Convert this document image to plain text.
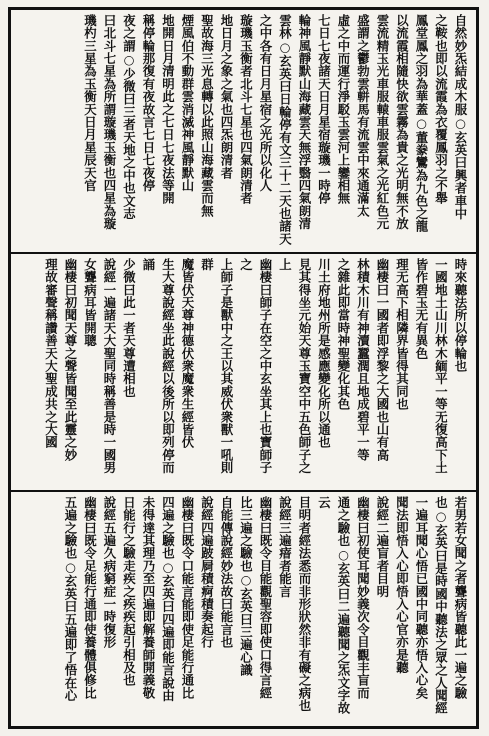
自然妙炁結成木服○玄英曰興者車中

之鞍也即以流霞為衣覆鳳羽之不舉

鳳堂鳳之羽為華蓋○董豢鸞為九色之龍

以流霞相隨快欲雲霧為貴之光明無不放

雲流精玉光車服轅車服雲氣之光紅色元

盛謂之鬱勃雲軿馬有流雲中來通滿太

虛之中而運行淨駁玉雲河上鑾相無

七日七夜諸天日月星宿璇璣一時停

輪神風靜默山海藏雲天無浮翳四氣朗清

雲林○玄英曰日輪停有文三十二天也諸天

之中各有日月星宿之光所以化人

璇璣玉衡者北斗七星也四氣朗清者

地日月之象之氣也四炁朗清者

聖故海三光息轉以此照山海藏雲而無

煙風伯不動群雲消滅神風靜默山

地開日月清明此之七日七夜法等開

稱停輪那復有夜故言七日七夜停

夜之謂○少微曰三者天地之中也文志

曰北斗七星為所謂璇璣玉衡也四星為璇

璣杓三星為玉衡天日月星辰天官

時來聽法所以停輪也

一國地土山川林木緬平一等无復高下土

皆作碧玉无有異色

理无高下相隣界皆得其同也

幽棲曰一國者即浮黎之大國也山有高

林積木川有神瀆蠶潤且地成碧平一等

之雜此即當時神聖變化其色

川土府地州所是感應變化所以通也

見其得坐元始天尊玉寶空中五色師子之

上

幽棲曰師子在空之中玄坐其上也寶師子之

上師子是獸中之王以其威伏衆獸一吼則群

魔皆伏天尊神德伏衆魔衆生經皆伏

生大尊說經坐此說經以後所以即列停而誦

少微曰此一者天尊遭相也

說經一遍諸天大聖同時稱善是時一國男

女聾病耳皆開聰

幽棲曰初聞天尊之聲皆聞至此靈之妙

理故審聲稱讚善天大聖成共之大國

若男若女聞之者聾病皆聽此一遍之驗

也○玄英曰是時國中聽法之眾之人聞經

一遍耳聞心悟已國中同聽亦悟入心矣

聞法即悟入心即悟入心官亦是聽

說經二遍盲者目明

幽棲曰初使耳聞妙義次令目觀丰盲而

通之驗也○玄英曰二遍聽聞之炁文字故云

目明者經法悉而非形狀然非有礙之病也

說經三遍瘖者能言

幽棲曰既令目能觀聖容即使口得言經

比三遍之驗也○玄英曰三遍心識

自能傳說經妙法故曰能言也

說經四遍跛屙積痾積奏起行

幽棲曰既令口能言能即使足能行通比

四遍之驗也○玄英曰四遍即能言說由

未得達其理乃至四遍即解養師開義敬

日能行之驗走疾之疾疾起引相及也

說經五遍久病窮症一時復形

幽棲曰既令足能行通即使養體俱修比

五遍之驗也○玄英曰五遍即了悟在心
